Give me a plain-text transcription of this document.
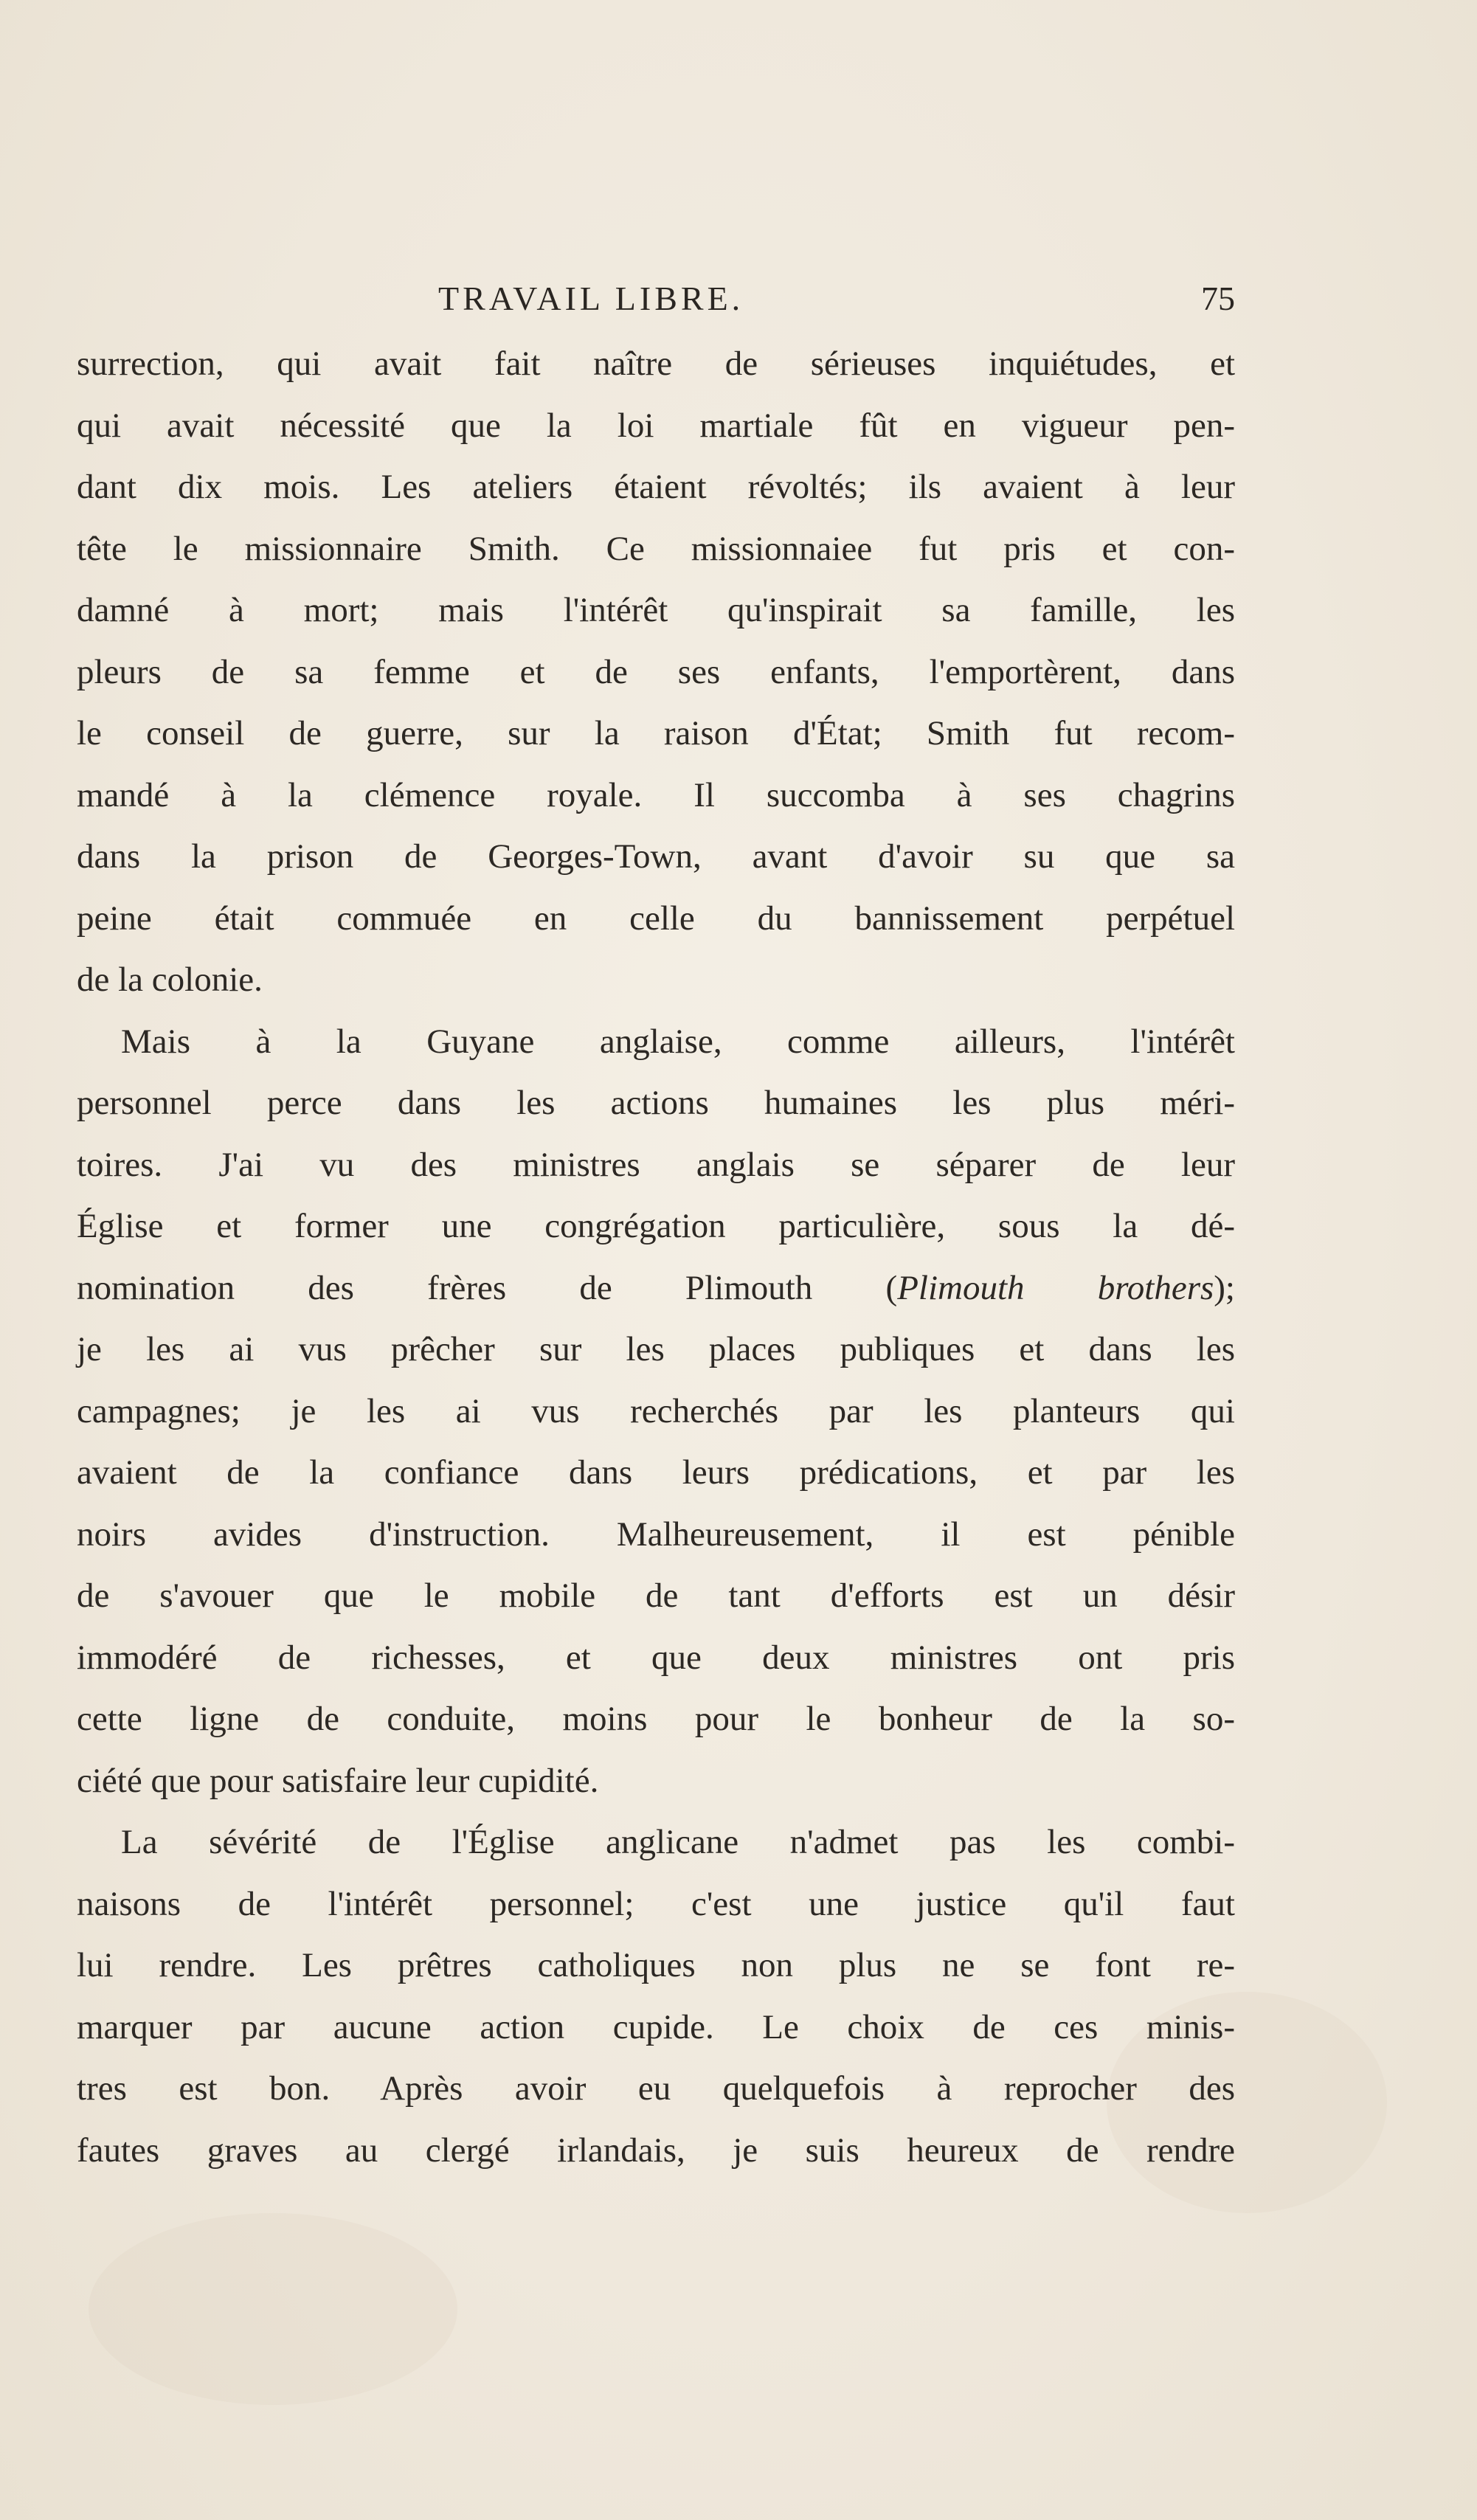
TRAVAIL LIBRE.	75
surrection, qui avait fait naître de sérieuses inquiétudes, et
qui avait nécessité que la loi martiale fût en vigueur pen-
dant dix mois. Les ateliers étaient révoltés; ils avaient à leur
tête le missionnaire Smith. Ce missionnaiee fut pris et con-
damné à mort; mais l'intérêt qu'inspirait sa famille, les
pleurs de sa femme et de ses enfants, l'emportèrent, dans
le conseil de guerre, sur la raison d'État; Smith fut recom-
mandé à la clémence royale. Il succomba à ses chagrins
dans la prison de Georges-Town, avant d'avoir su que sa
peine était commuée en celle du bannissement perpétuel
de la colonie.
Mais à la Guyane anglaise, comme ailleurs, l'intérêt
personnel perce dans les actions humaines les plus méri-
toires. J'ai vu des ministres anglais se séparer de leur
Église et former une congrégation particulière, sous la dé-
nomination des frères de Plimouth (Plimouth brothers);
je les ai vus prêcher sur les places publiques et dans les
campagnes; je les ai vus recherchés par les planteurs qui
avaient de la confiance dans leurs prédications, et par les
noirs avides d'instruction. Malheureusement, il est pénible
de s'avouer que le mobile de tant d'efforts est un désir
immodéré de richesses, et que deux ministres ont pris
cette ligne de conduite, moins pour le bonheur de la so-
ciété que pour satisfaire leur cupidité.
La sévérité de l'Église anglicane n'admet pas les combi-
naisons de l'intérêt personnel; c'est une justice qu'il faut
lui rendre. Les prêtres catholiques non plus ne se font re-
marquer par aucune action cupide. Le choix de ces minis-
tres est bon. Après avoir eu quelquefois à reprocher des
fautes graves au clergé irlandais, je suis heureux de rendre
